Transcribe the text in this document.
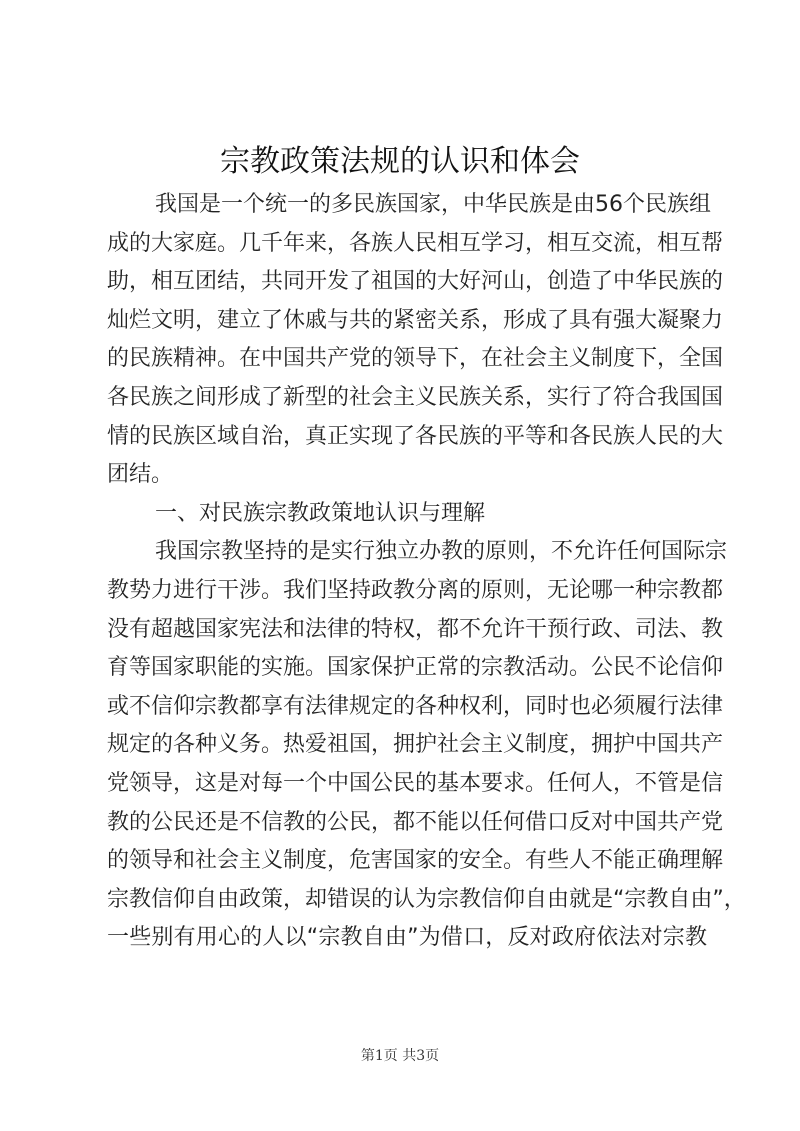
宗教政策法规的认识和体会
我国是一个统一的多民族国家，中华民族是由56个民族组
成的大家庭。几千年来，各族人民相互学习，相互交流，相互帮
助，相互团结，共同开发了祖国的大好河山，创造了中华民族的
灿烂文明，建立了休戚与共的紧密关系，形成了具有强大凝聚力
的民族精神。在中国共产党的领导下，在社会主义制度下，全国
各民族之间形成了新型的社会主义民族关系，实行了符合我国国
情的民族区域自治，真正实现了各民族的平等和各民族人民的大
团结。
一、对民族宗教政策地认识与理解
我国宗教坚持的是实行独立办教的原则，不允许任何国际宗
教势力进行干涉。我们坚持政教分离的原则，无论哪一种宗教都
没有超越国家宪法和法律的特权，都不允许干预行政、司法、教
育等国家职能的实施。国家保护正常的宗教活动。公民不论信仰
或不信仰宗教都享有法律规定的各种权利，同时也必须履行法律
规定的各种义务。热爱祖国，拥护社会主义制度，拥护中国共产
党领导，这是对每一个中国公民的基本要求。任何人，不管是信
教的公民还是不信教的公民，都不能以任何借口反对中国共产党
的领导和社会主义制度，危害国家的安全。有些人不能正确理解
宗教信仰自由政策，却错误的认为宗教信仰自由就是“宗教自由”，
一些别有用心的人以“宗教自由”为借口，反对政府依法对宗教
第1页 共3页
